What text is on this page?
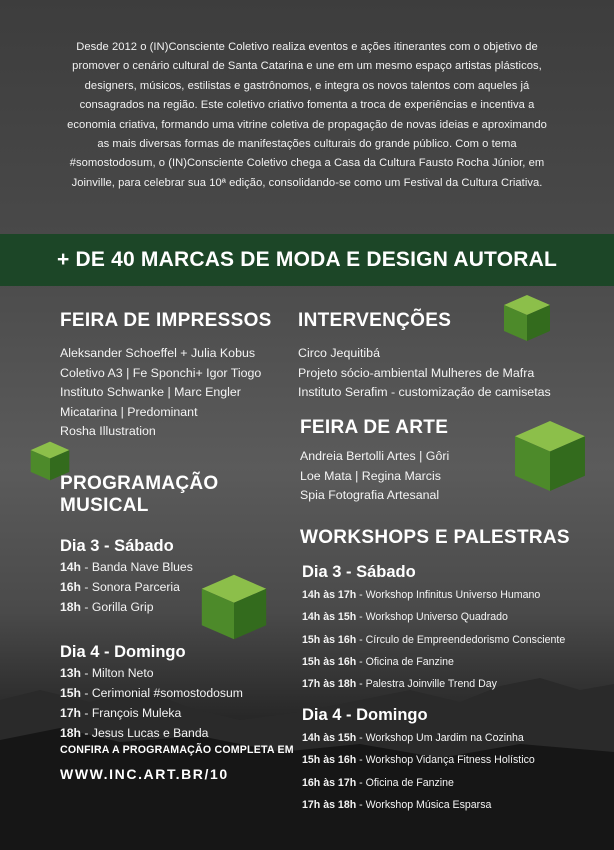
Desde 2012 o (IN)Consciente Coletivo realiza eventos e ações itinerantes com o objetivo de
promover o cenário cultural de Santa Catarina e une em um mesmo espaço artistas plásticos,
designers, músicos, estilistas e gastrônomos, e integra os novos talentos com aqueles já
consagrados na região. Este coletivo criativo fomenta a troca de experiências e incentiva a
economia criativa, formando uma vitrine coletiva de propagação de novas ideias e aproximando
as mais diversas formas de manifestações culturais do grande público. Com o tema
#somostodosum, o (IN)Consciente Coletivo chega a Casa da Cultura Fausto Rocha Júnior, em
Joinville, para celebrar sua 10ª edição, consolidando-se como um Festival da Cultura Criativa.
+ DE 40 MARCAS DE MODA E DESIGN AUTORAL
FEIRA DE IMPRESSOS
Aleksander Schoeffel + Julia Kobus
Coletivo A3 | Fe Sponchi+ Igor Tiogo
Instituto Schwanke | Marc Engler
Micatarina | Predominant
Rosha Illustration
INTERVENÇÕES
Circo Jequitibá
Projeto sócio-ambiental Mulheres de Mafra
Instituto Serafim - customização de camisetas
FEIRA DE ARTE
Andreia Bertolli Artes | Gôri
Loe Mata | Regina Marcis
Spia Fotografia Artesanal
PROGRAMAÇÃO
MUSICAL
Dia 3 - Sábado
14h - Banda Nave Blues
16h - Sonora Parceria
18h - Gorilla Grip
Dia 4 - Domingo
13h - Milton Neto
15h - Cerimonial #somostodosum
17h - François Muleka
18h - Jesus Lucas e Banda
WORKSHOPS E PALESTRAS
Dia 3 - Sábado
14h às 17h - Workshop Infinitus Universo Humano
14h às 15h - Workshop Universo Quadrado
15h às 16h - Círculo de Empreendedorismo Consciente
15h às 16h - Oficina de Fanzine
17h às 18h - Palestra Joinville Trend Day
Dia 4 - Domingo
14h às 15h - Workshop Um Jardim na Cozinha
15h às 16h - Workshop Vidança Fitness Holístico
16h às 17h - Oficina de Fanzine
17h às 18h - Workshop Música Esparsa
CONFIRA A PROGRAMAÇÃO COMPLETA EM
WWW.INC.ART.BR/10
